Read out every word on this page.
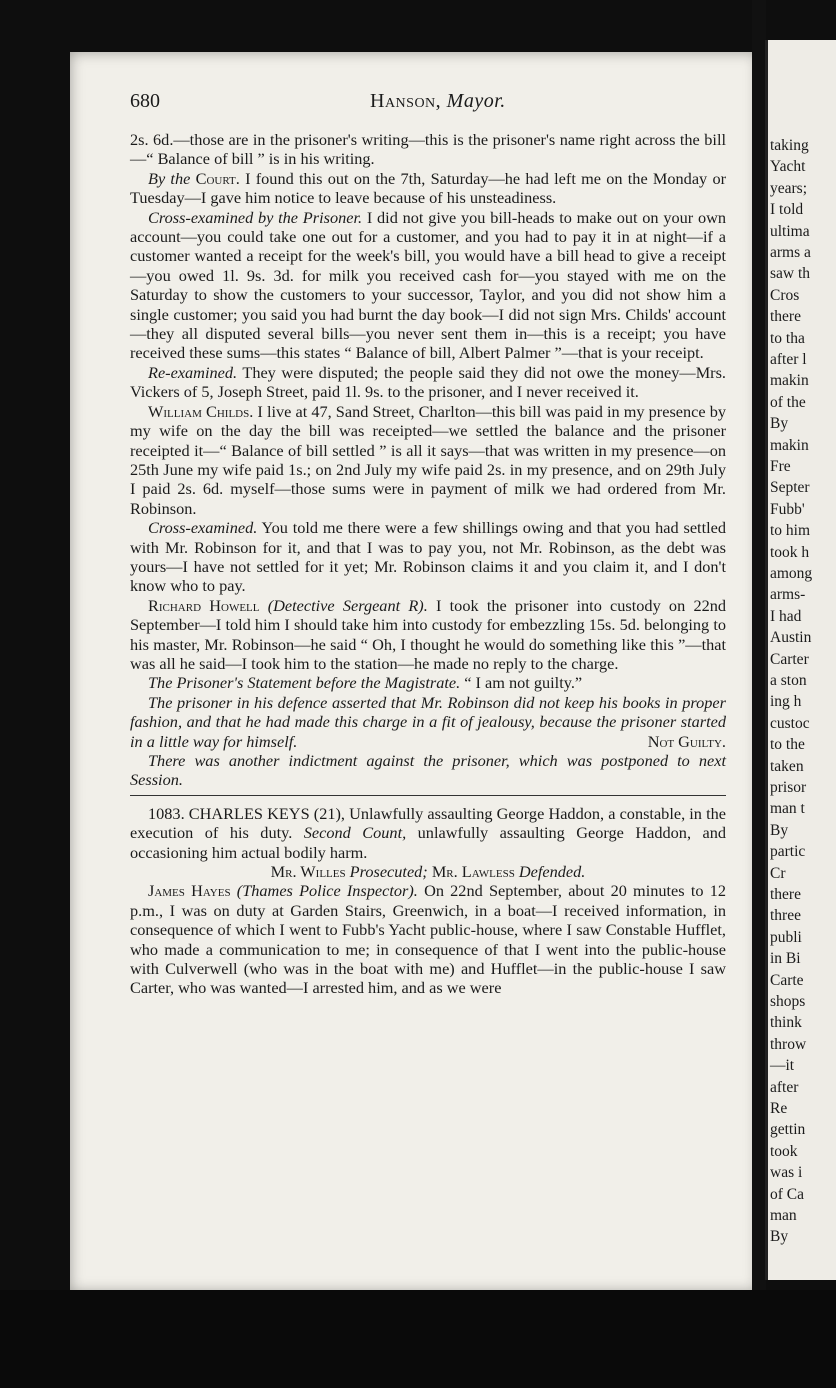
taking
Yacht
years;
I told
ultima
arms a
saw th
Cros
there
to tha
after l
makin
of the
By
makin
Fre
Septer
Fubb'
to him
took h
among
arms-
I had
Austin
Carter
a ston
ing h
custoc
to the
taken
prisor
man t
By
partic
Cr
there
three
publi
in Bi
Carte
shops
think
throw
—it
after
Re
gettin
took
was i
of Ca
man
By
680	Hanson, Mayor.

2s. 6d.—those are in the prisoner's writing—this is the prisoner's name right across the bill—“ Balance of bill ” is in his writing.

By the Court. I found this out on the 7th, Saturday—he had left me on the Monday or Tuesday—I gave him notice to leave because of his unsteadiness.

Cross-examined by the Prisoner. I did not give you bill-heads to make out on your own account—you could take one out for a customer, and you had to pay it in at night—if a customer wanted a receipt for the week's bill, you would have a bill head to give a receipt—you owed 1l. 9s. 3d. for milk you received cash for—you stayed with me on the Saturday to show the customers to your successor, Taylor, and you did not show him a single customer; you said you had burnt the day book—I did not sign Mrs. Childs' account—they all disputed several bills—you never sent them in—this is a receipt; you have received these sums—this states “ Balance of bill, Albert Palmer ”—that is your receipt.

Re-examined. They were disputed; the people said they did not owe the money—Mrs. Vickers of 5, Joseph Street, paid 1l. 9s. to the prisoner, and I never received it.

William Childs. I live at 47, Sand Street, Charlton—this bill was paid in my presence by my wife on the day the bill was receipted—we settled the balance and the prisoner receipted it—“ Balance of bill settled ” is all it says—that was written in my presence—on 25th June my wife paid 1s.; on 2nd July my wife paid 2s. in my presence, and on 29th July I paid 2s. 6d. myself—those sums were in payment of milk we had ordered from Mr. Robinson.

Cross-examined. You told me there were a few shillings owing and that you had settled with Mr. Robinson for it, and that I was to pay you, not Mr. Robinson, as the debt was yours—I have not settled for it yet; Mr. Robinson claims it and you claim it, and I don't know who to pay.

Richard Howell (Detective Sergeant R). I took the prisoner into custody on 22nd September—I told him I should take him into custody for embezzling 15s. 5d. belonging to his master, Mr. Robinson—he said “ Oh, I thought he would do something like this ”—that was all he said—I took him to the station—he made no reply to the charge.

The Prisoner's Statement before the Magistrate. “ I am not guilty.”

The prisoner in his defence asserted that Mr. Robinson did not keep his books in proper fashion, and that he had made this charge in a fit of jealousy, because the prisoner started in a little way for himself.	Not Guilty.

There was another indictment against the prisoner, which was postponed to next Session.

1083. CHARLES KEYS (21), Unlawfully assaulting George Haddon, a constable, in the execution of his duty. Second Count, unlawfully assaulting George Haddon, and occasioning him actual bodily harm.

Mr. Willes Prosecuted; Mr. Lawless Defended.

James Hayes (Thames Police Inspector). On 22nd September, about 20 minutes to 12 p.m., I was on duty at Garden Stairs, Greenwich, in a boat—I received information, in consequence of which I went to Fubb's Yacht public-house, where I saw Constable Hufflet, who made a communication to me; in consequence of that I went into the public-house with Culverwell (who was in the boat with me) and Hufflet—in the public-house I saw Carter, who was wanted—I arrested him, and as we were
